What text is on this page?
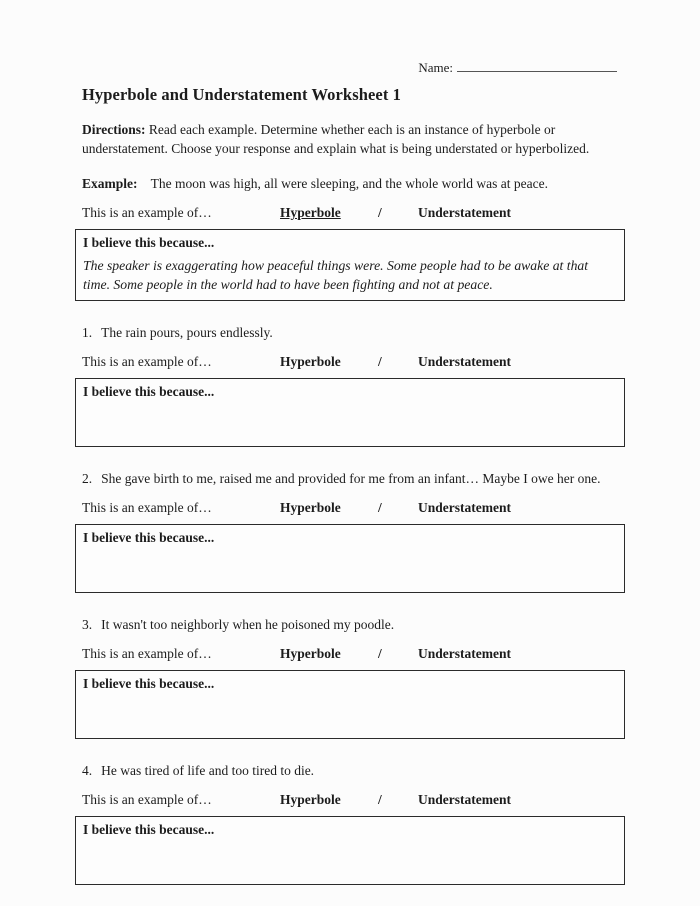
Name:
Hyperbole and Understatement Worksheet 1
Directions: Read each example. Determine whether each is an instance of hyperbole or understatement. Choose your response and explain what is being understated or hyperbolized.
Example: The moon was high, all were sleeping, and the whole world was at peace.
This is an example of…	Hyperbole	/	Understatement
I believe this because...
The speaker is exaggerating how peaceful things were. Some people had to be awake at that time. Some people in the world had to have been fighting and not at peace.
1. The rain pours, pours endlessly.
This is an example of…	Hyperbole	/	Understatement
I believe this because...
2. She gave birth to me, raised me and provided for me from an infant… Maybe I owe her one.
This is an example of…	Hyperbole	/	Understatement
I believe this because...
3. It wasn't too neighborly when he poisoned my poodle.
This is an example of…	Hyperbole	/	Understatement
I believe this because...
4. He was tired of life and too tired to die.
This is an example of…	Hyperbole	/	Understatement
I believe this because...
